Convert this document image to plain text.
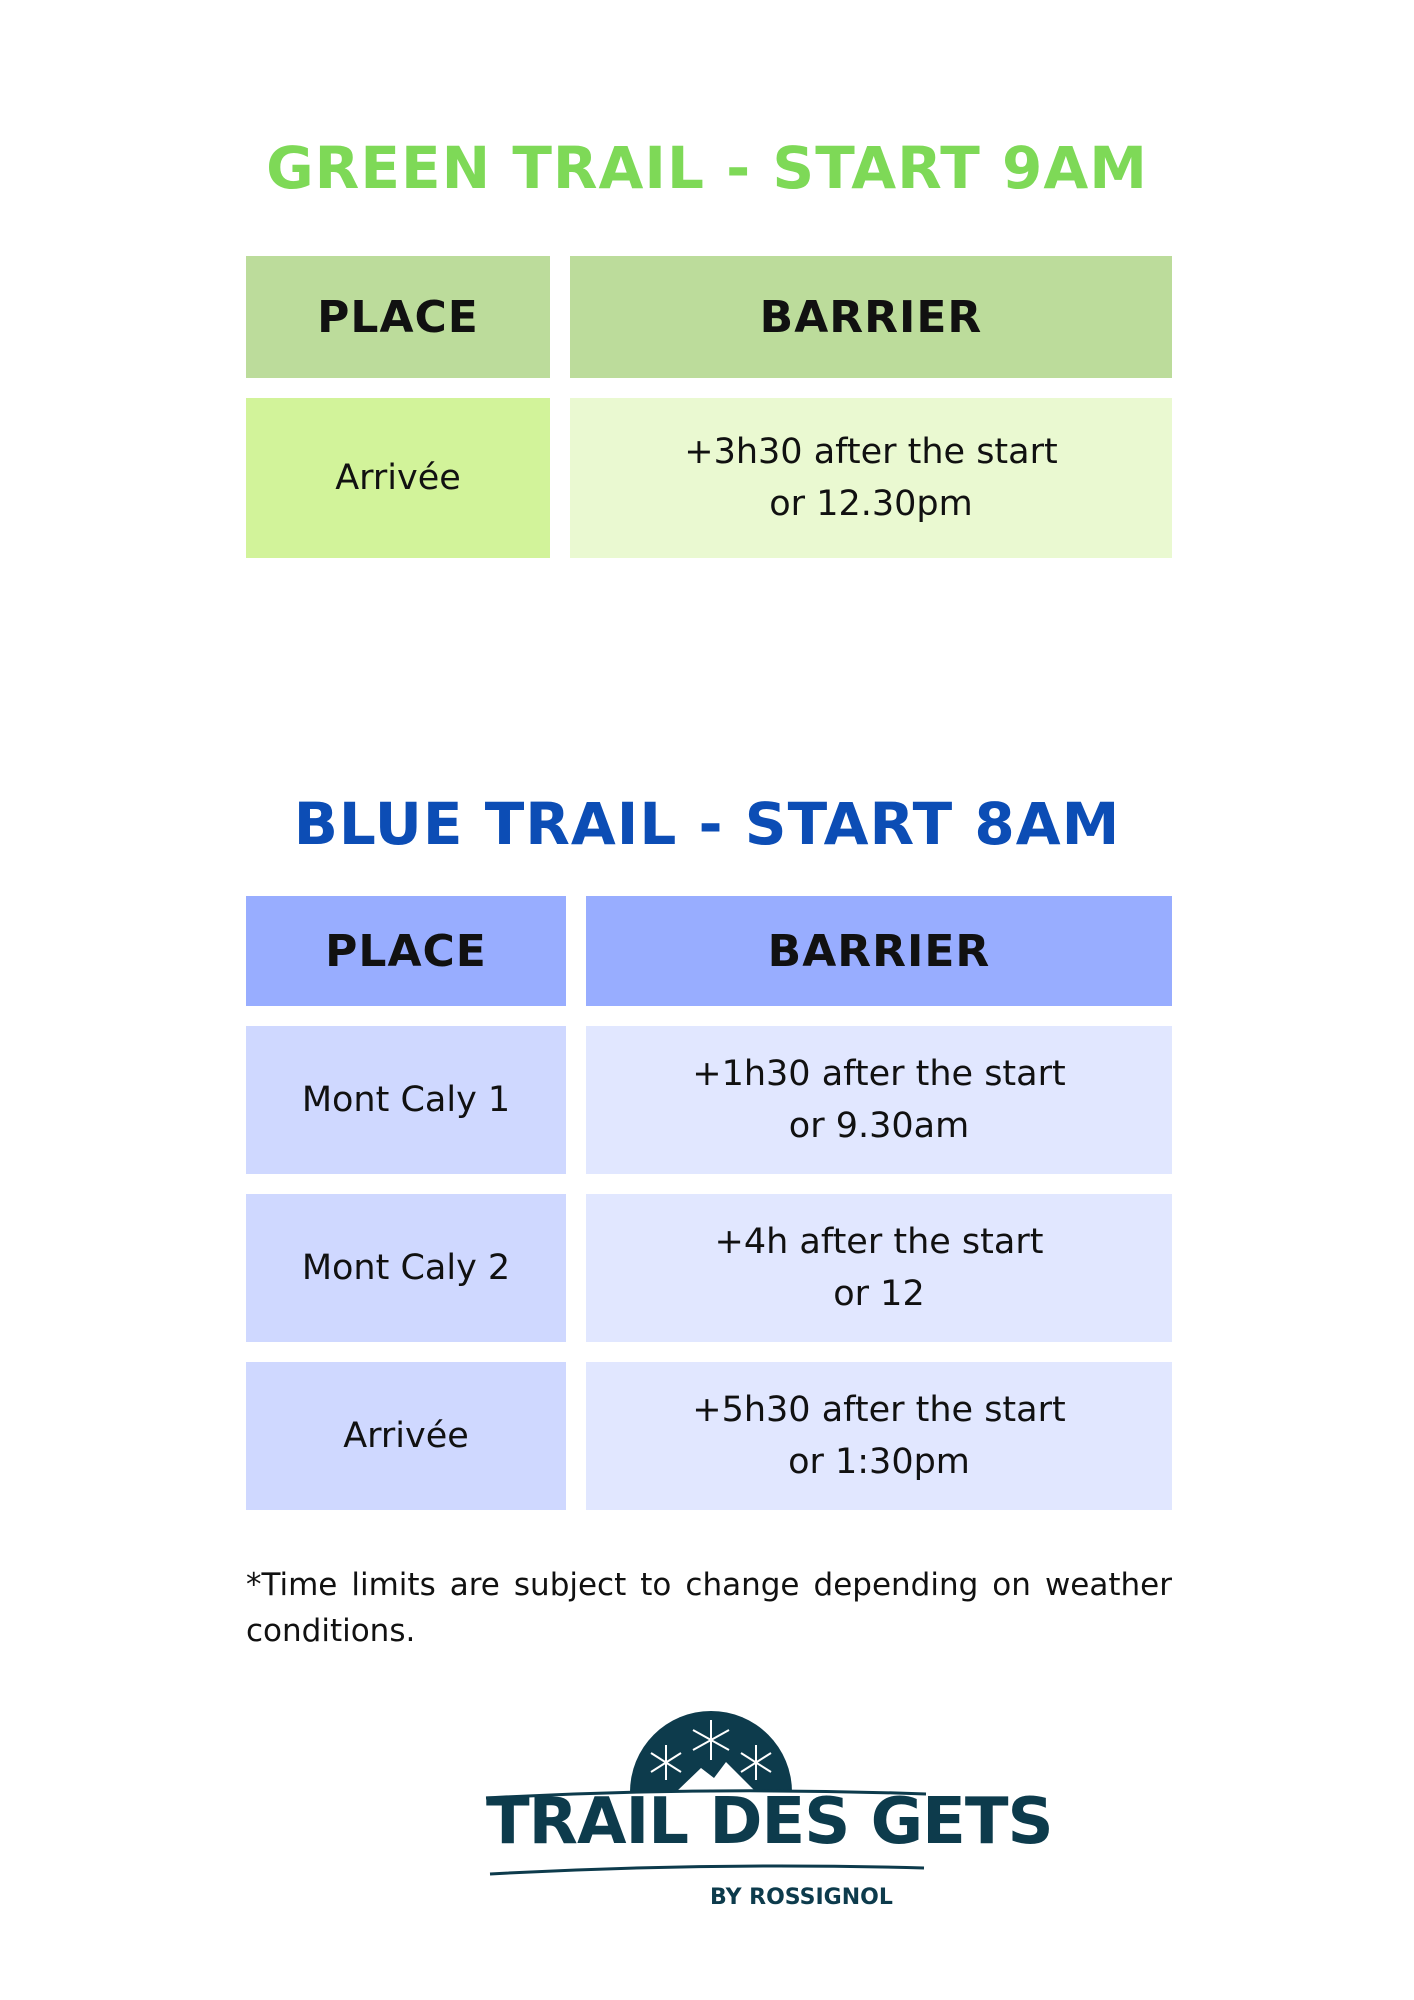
GREEN TRAIL - START 9AM
PLACE	BARRIER
Arrivée
+3h30 after the start
or 12.30pm
BLUE TRAIL - START 8AM
PLACE	BARRIER
Mont Caly 1
+1h30 after the start
or 9.30am
Mont Caly 2
+4h after the start
or 12
Arrivée
+5h30 after the start
or 1:30pm

*Time limits are subject to change depending on weather conditions.

TRAIL DES GETS

BY ROSSIGNOL
